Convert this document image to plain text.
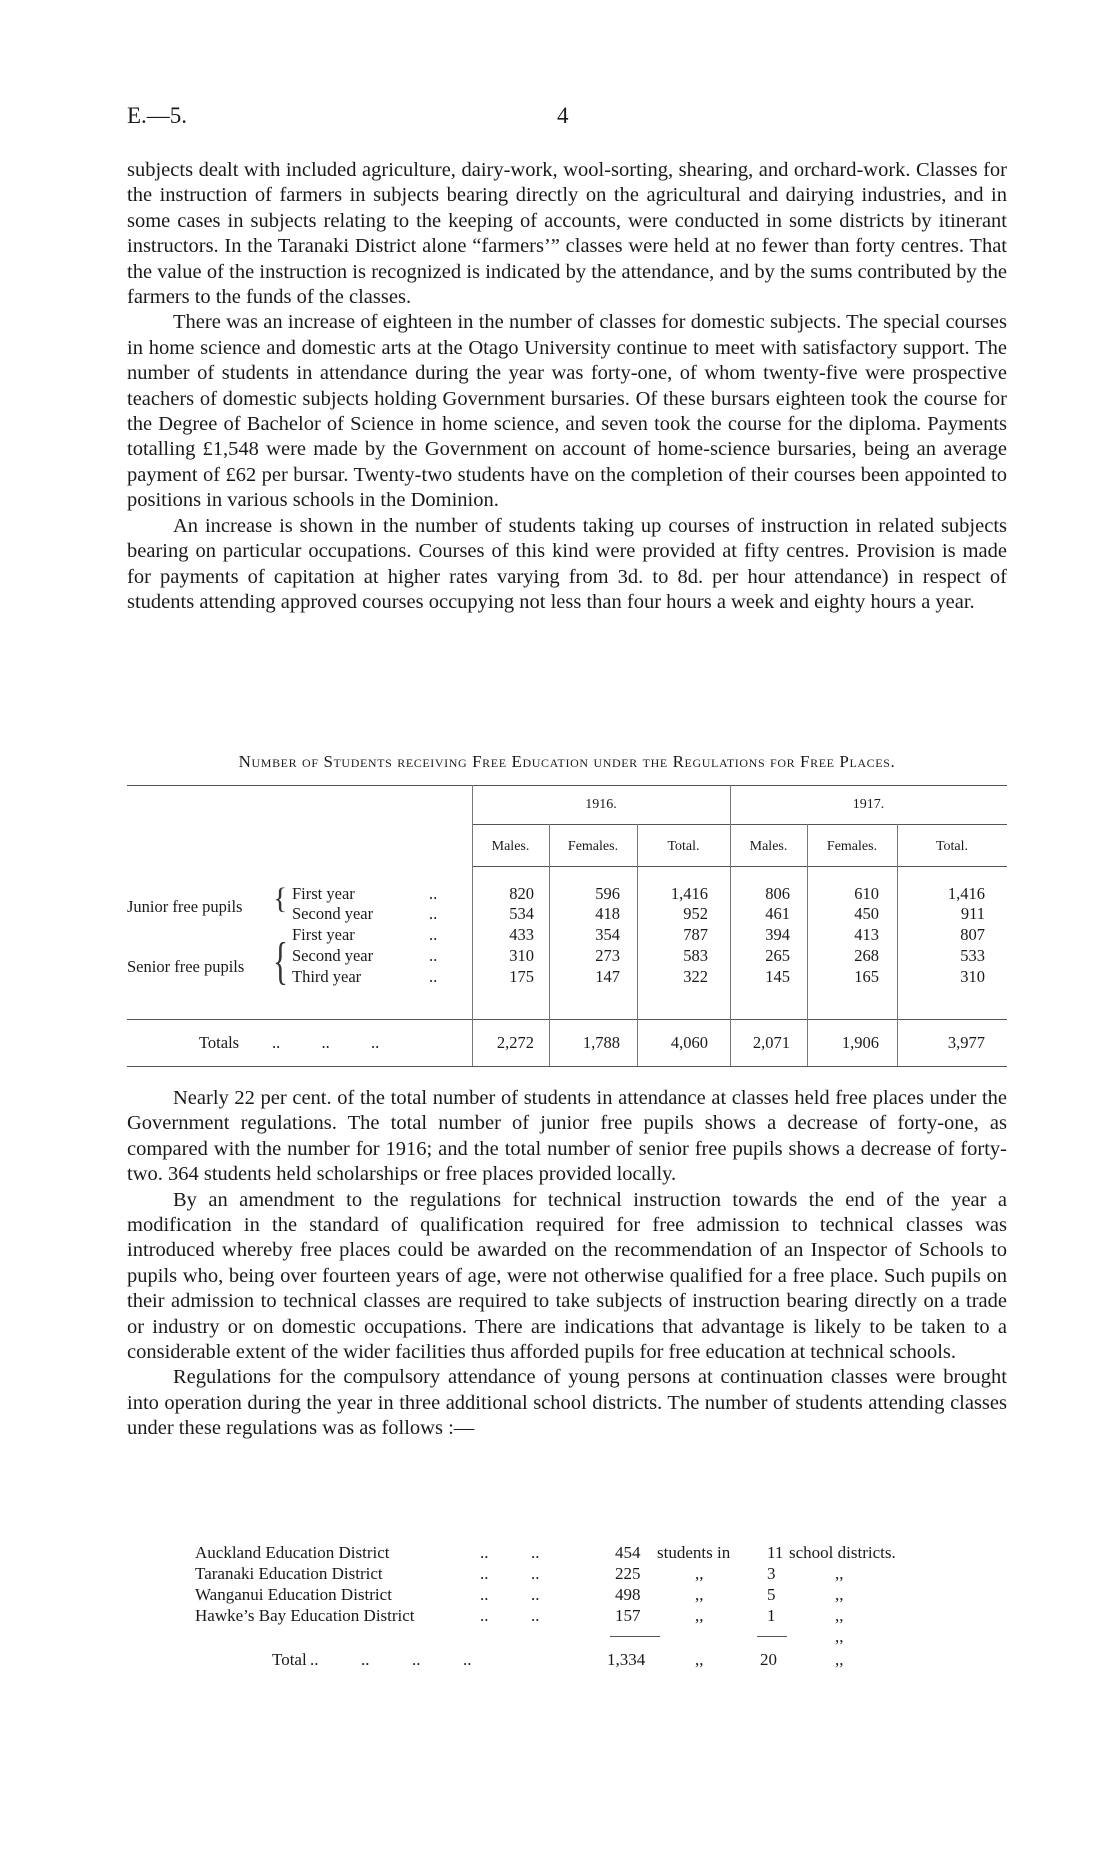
E.—5.	4

subjects dealt with included agriculture, dairy-work, wool-sorting, shearing, and orchard-work. Classes for the instruction of farmers in subjects bearing directly on the agricultural and dairying industries, and in some cases in subjects relating to the keeping of accounts, were conducted in some districts by itinerant instructors. In the Taranaki District alone “farmers’” classes were held at no fewer than forty centres. That the value of the instruction is recognized is indicated by the attendance, and by the sums contributed by the farmers to the funds of the classes.

There was an increase of eighteen in the number of classes for domestic subjects. The special courses in home science and domestic arts at the Otago University continue to meet with satisfactory support. The number of students in attendance during the year was forty-one, of whom twenty-five were prospective teachers of domestic subjects holding Government bursaries. Of these bursars eighteen took the course for the Degree of Bachelor of Science in home science, and seven took the course for the diploma. Payments totalling £1,548 were made by the Government on account of home-science bursaries, being an average payment of £62 per bursar. Twenty-two students have on the completion of their courses been appointed to positions in various schools in the Dominion.

An increase is shown in the number of students taking up courses of instruction in related subjects bearing on particular occupations. Courses of this kind were provided at fifty centres. Provision is made for payments of capitation at higher rates varying from 3d. to 8d. per hour attendance) in respect of students attending approved courses occupying not less than four hours a week and eighty hours a year.

Number of Students receiving Free Education under the Regulations for Free Places.
1916.	1917.
Males.	Females.	Total.	Males.	Females.	Total.
Junior free pupils {
Senior free pupils {
First year	..	820	596	1,416	806	610	1,416
Second year	..	534	418	952	461	450	911
First year	..	433	354	787	394	413	807
Second year	..	310	273	583	265	268	533
Third year	..	175	147	322	145	165	310
Totals ..          ..          ..	2,272	1,788	4,060	2,071	1,906	3,977

Nearly 22 per cent. of the total number of students in attendance at classes held free places under the Government regulations. The total number of junior free pupils shows a decrease of forty-one, as compared with the number for 1916; and the total number of senior free pupils shows a decrease of forty-two. 364 students held scholarships or free places provided locally.

By an amendment to the regulations for technical instruction towards the end of the year a modification in the standard of qualification required for free admission to technical classes was introduced whereby free places could be awarded on the recommendation of an Inspector of Schools to pupils who, being over fourteen years of age, were not otherwise qualified for a free place. Such pupils on their admission to technical classes are required to take subjects of instruction bearing directly on a trade or industry or on domestic occupations. There are indications that advantage is likely to be taken to a considerable extent of the wider facilities thus afforded pupils for free education at technical schools.

Regulations for the compulsory attendance of young persons at continuation classes were brought into operation during the year in three additional school districts. The number of students attending classes under these regulations was as follows :—

Auckland Education District	..          ..	454 students in 11 school districts.
Taranaki Education District	..          ..	225	,,	3	,,
Wanganui Education District	..          ..	498	,,	5	,,
Hawke’s Bay Education District	..          ..	157	,,	1	,,
,,
Total ..          ..          ..          ..	1,334	,,	20	,,
